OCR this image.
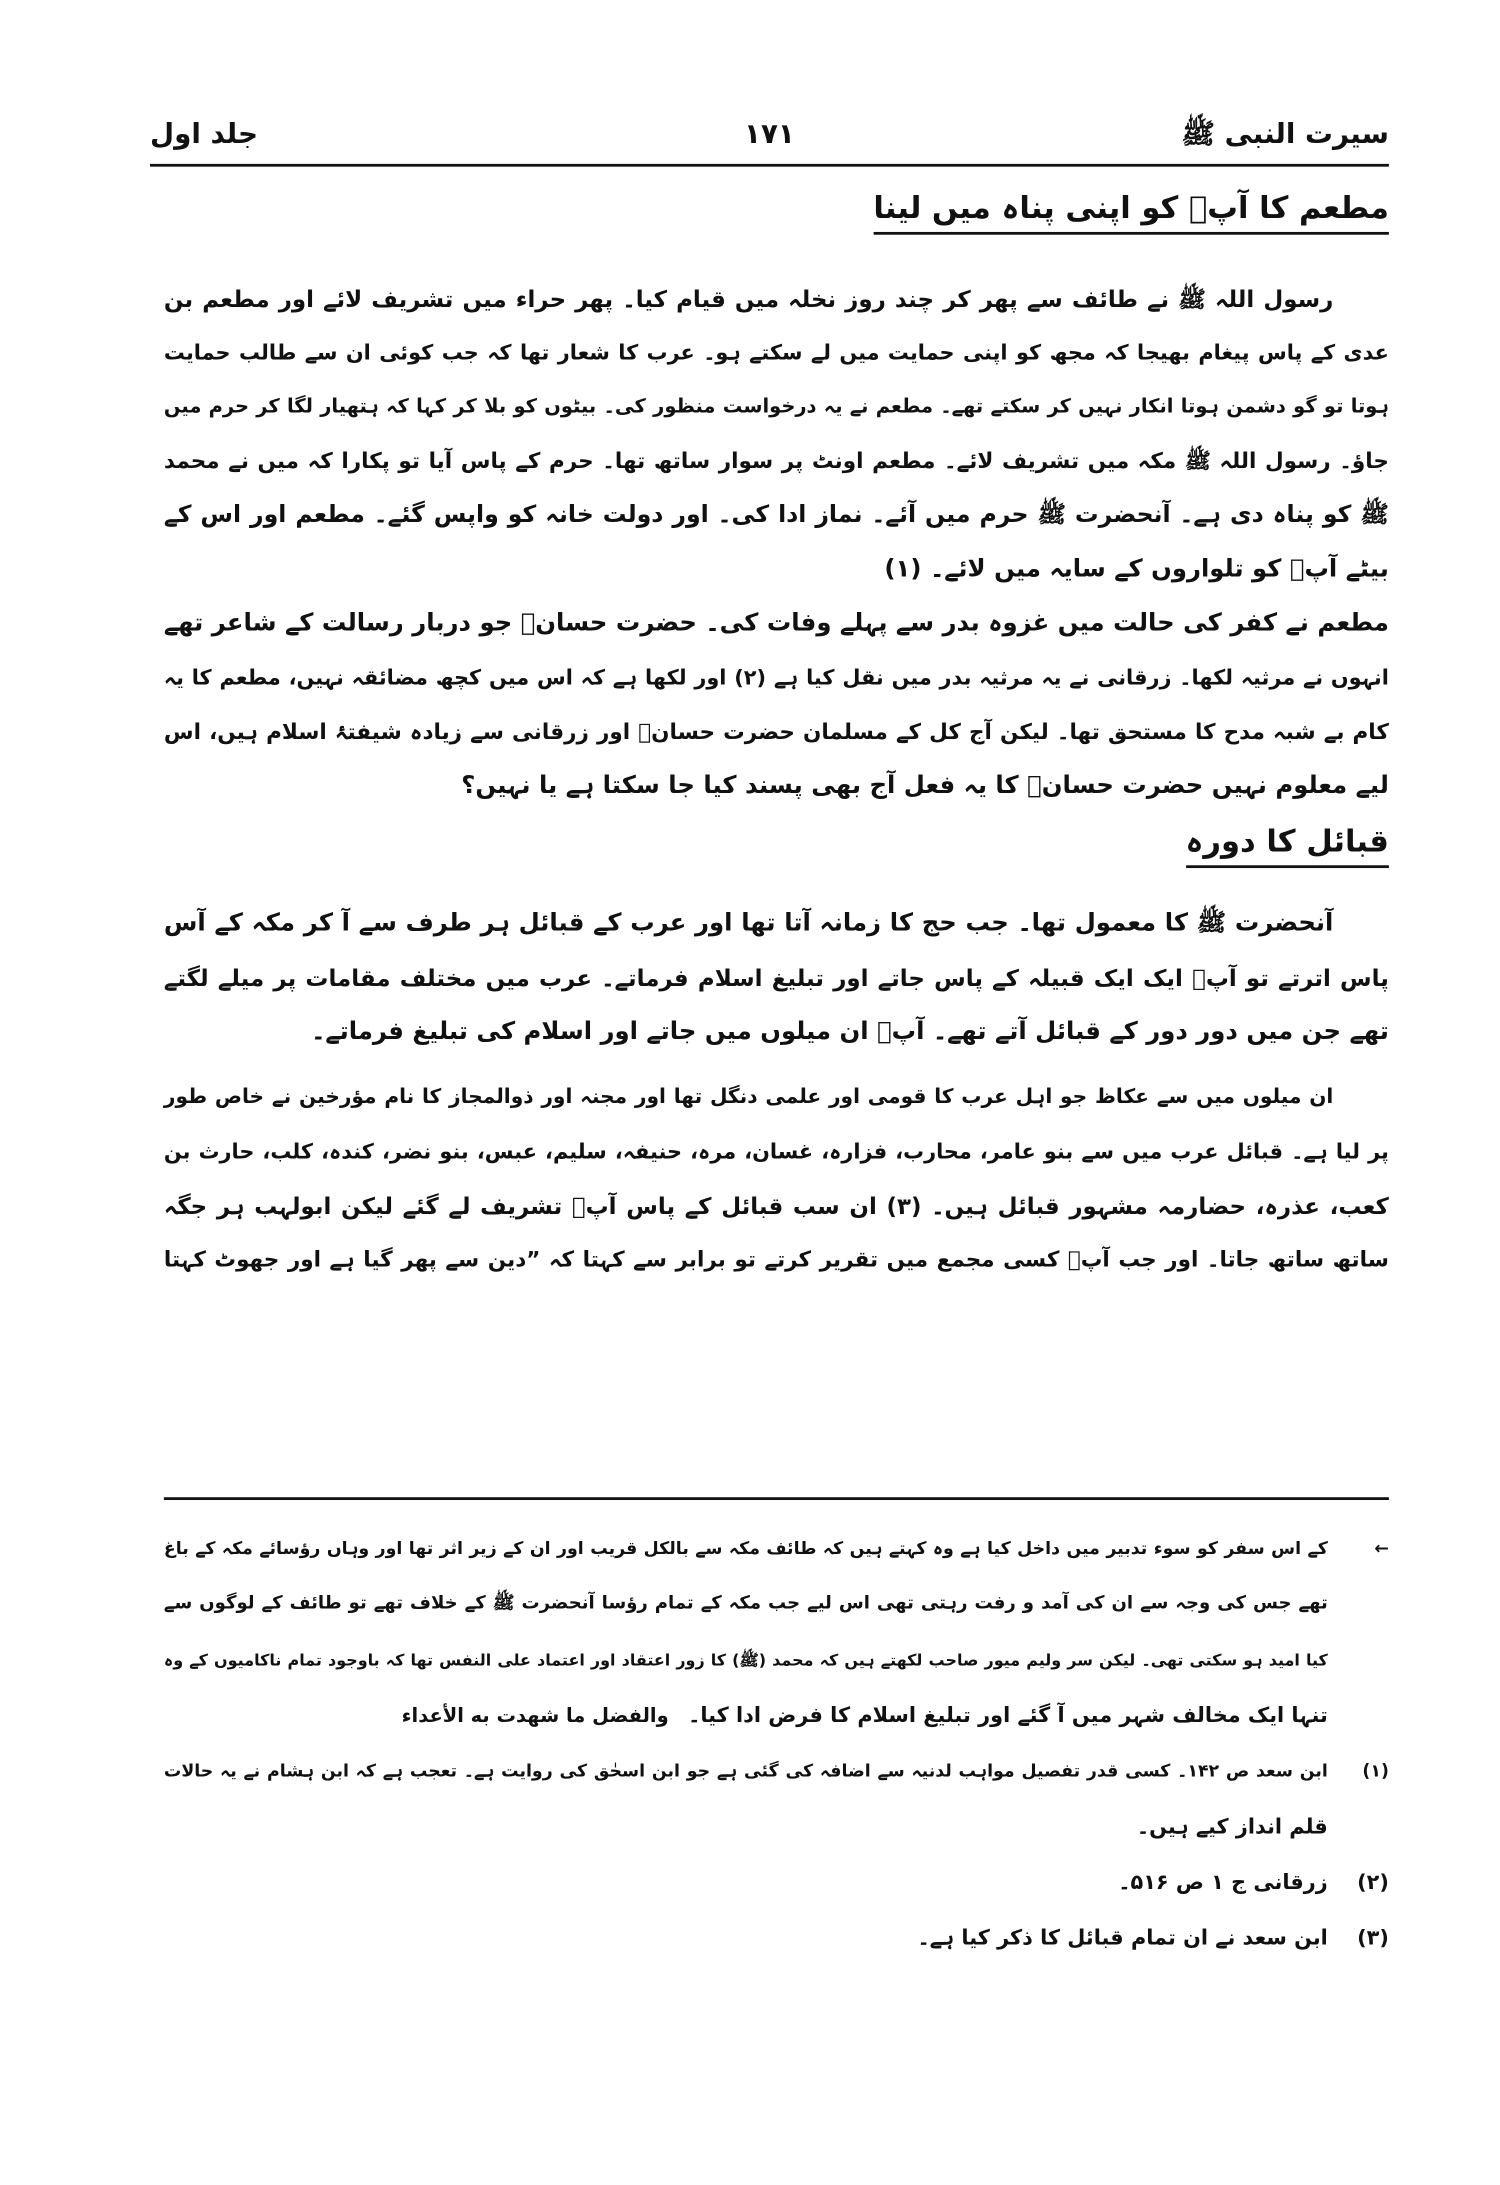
سیرت النبی ﷺ
۱۷۱
جلد اول
مطعم کا آپؐ کو اپنی پناہ میں لینا
رسول اللہ ﷺ نے طائف سے پھر کر چند روز نخلہ میں قیام کیا۔ پھر حراء میں تشریف لائے اور مطعم بن
عدی کے پاس پیغام بھیجا کہ مجھ کو اپنی حمایت میں لے سکتے ہو۔ عرب کا شعار تھا کہ جب کوئی ان سے طالب حمایت
ہوتا تو گو دشمن ہوتا انکار نہیں کر سکتے تھے۔ مطعم نے یہ درخواست منظور کی۔ بیٹوں کو بلا کر کہا کہ ہتھیار لگا کر حرم میں
جاؤ۔ رسول اللہ ﷺ مکہ میں تشریف لائے۔ مطعم اونٹ پر سوار ساتھ تھا۔ حرم کے پاس آیا تو پکارا کہ میں نے محمد
ﷺ کو پناہ دی ہے۔ آنحضرت ﷺ حرم میں آئے۔ نماز ادا کی۔ اور دولت خانہ کو واپس گئے۔ مطعم اور اس کے
بیٹے آپؐ کو تلواروں کے سایہ میں لائے۔ (۱)
مطعم نے کفر کی حالت میں غزوہ بدر سے پہلے وفات کی۔ حضرت حسانؓ جو دربار رسالت کے شاعر تھے
انہوں نے مرثیہ لکھا۔ زرقانی نے یہ مرثیہ بدر میں نقل کیا ہے (۲) اور لکھا ہے کہ اس میں کچھ مضائقہ نہیں، مطعم کا یہ
کام بے شبہ مدح کا مستحق تھا۔ لیکن آج کل کے مسلمان حضرت حسانؓ اور زرقانی سے زیادہ شیفتۂ اسلام ہیں، اس
لیے معلوم نہیں حضرت حسانؓ کا یہ فعل آج بھی پسند کیا جا سکتا ہے یا نہیں؟
قبائل کا دورہ
آنحضرت ﷺ کا معمول تھا۔ جب حج کا زمانہ آتا تھا اور عرب کے قبائل ہر طرف سے آ کر مکہ کے آس
پاس اترتے تو آپؐ ایک ایک قبیلہ کے پاس جاتے اور تبلیغ اسلام فرماتے۔ عرب میں مختلف مقامات پر میلے لگتے
تھے جن میں دور دور کے قبائل آتے تھے۔ آپؐ ان میلوں میں جاتے اور اسلام کی تبلیغ فرماتے۔
ان میلوں میں سے عکاظ جو اہل عرب کا قومی اور علمی دنگل تھا اور مجنہ اور ذوالمجاز کا نام مؤرخین نے خاص طور
پر لیا ہے۔ قبائل عرب میں سے بنو عامر، محارب، فزارہ، غسان، مرہ، حنیفہ، سلیم، عبس، بنو نضر، کندہ، کلب، حارث بن
کعب، عذرہ، حضارمہ مشہور قبائل ہیں۔ (۳) ان سب قبائل کے پاس آپؐ تشریف لے گئے لیکن ابولہب ہر جگہ
ساتھ ساتھ جاتا۔ اور جب آپؐ کسی مجمع میں تقریر کرتے تو برابر سے کہتا کہ ”دین سے پھر گیا ہے اور جھوٹ کہتا
←
کے اس سفر کو سوء تدبیر میں داخل کیا ہے وہ کہتے ہیں کہ طائف مکہ سے بالکل قریب اور ان کے زیر اثر تھا اور وہاں رؤسائے مکہ کے باغ
تھے جس کی وجہ سے ان کی آمد و رفت رہتی تھی اس لیے جب مکہ کے تمام رؤسا آنحضرت ﷺ کے خلاف تھے تو طائف کے لوگوں سے
کیا امید ہو سکتی تھی۔ لیکن سر ولیم میور صاحب لکھتے ہیں کہ محمد (ﷺ) کا زور اعتقاد اور اعتماد علی النفس تھا کہ باوجود تمام ناکامیوں کے وہ
تنہا ایک مخالف شہر میں آ گئے اور تبلیغ اسلام کا فرض ادا کیا۔والفضل ما شهدت به الأعداء
(۱)
ابن سعد ص ۱۴۲۔ کسی قدر تفصیل مواہب لدنیہ سے اضافہ کی گئی ہے جو ابن اسحٰق کی روایت ہے۔ تعجب ہے کہ ابن ہشام نے یہ حالات
قلم انداز کیے ہیں۔
(۲)
زرقانی ج ۱ ص ۵۱۶۔
(۳)
ابن سعد نے ان تمام قبائل کا ذکر کیا ہے۔
